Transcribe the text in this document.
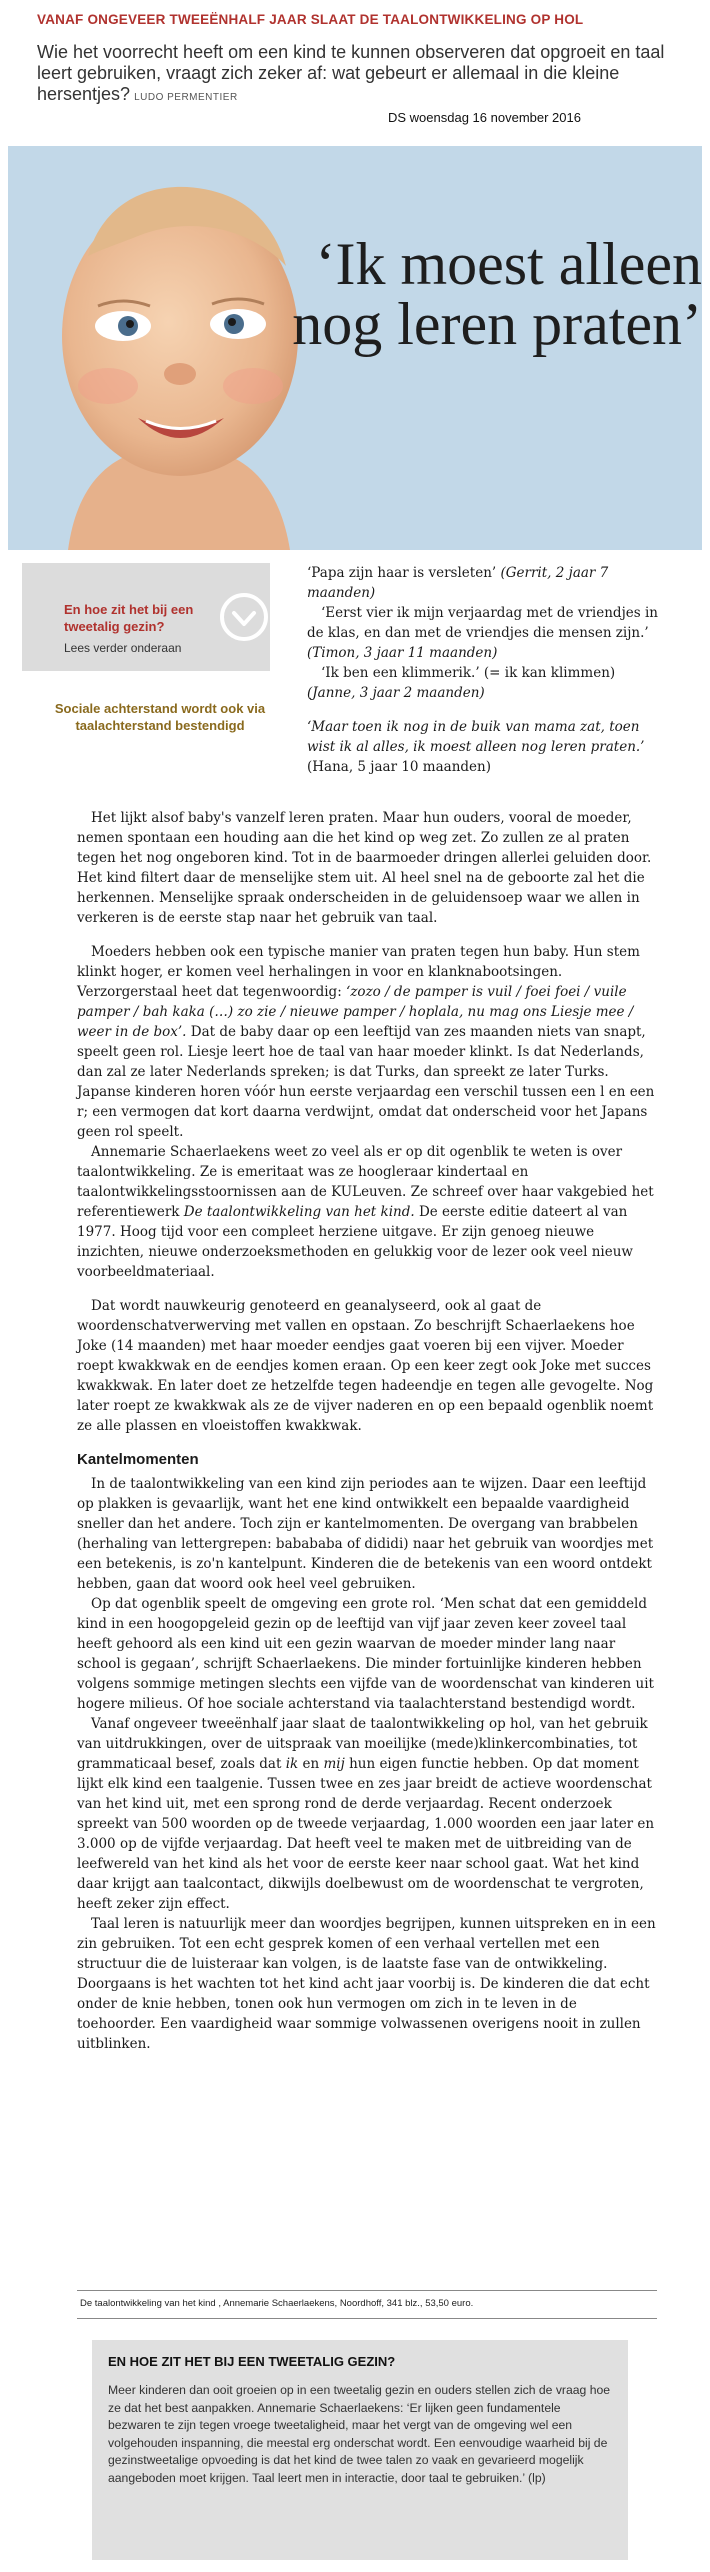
VANAF ONGEVEER TWEEËNHALF JAAR SLAAT DE TAALONTWIKKELING OP HOL
Wie het voorrecht heeft om een kind te kunnen observeren dat opgroeit en taal leert gebruiken, vraagt zich zeker af: wat gebeurt er allemaal in die kleine hersentjes? LUDO PERMENTIER
DS woensdag 16 november 2016
‘Ik moest alleen
nog leren praten’
En hoe zit het bij een tweetalig gezin?
Lees verder onderaan
Sociale achterstand wordt ook via taalachterstand bestendigd

‘Papa zijn haar is versleten’ (Gerrit, 2 jaar 7 maanden)

‘Eerst vier ik mijn verjaardag met de vriendjes in de klas, en dan met de vriendjes die mensen zijn.’ (Timon, 3 jaar 11 maanden)

‘Ik ben een klimmerik.’ (= ik kan klimmen) (Janne, 3 jaar 2 maanden)

‘Maar toen ik nog in de buik van mama zat, toen wist ik al alles, ik moest alleen nog leren praten.’ (Hana, 5 jaar 10 maanden)

Het lijkt alsof baby's vanzelf leren praten. Maar hun ouders, vooral de moeder, nemen spontaan een houding aan die het kind op weg zet. Zo zullen ze al praten tegen het nog ongeboren kind. Tot in de baarmoeder dringen allerlei geluiden door. Het kind filtert daar de menselijke stem uit. Al heel snel na de geboorte zal het die herkennen. Menselijke spraak onderscheiden in de geluidensoep waar we allen in verkeren is de eerste stap naar het gebruik van taal.

Moeders hebben ook een typische manier van praten tegen hun baby. Hun stem klinkt hoger, er komen veel herhalingen in voor en klanknabootsingen. Verzorgerstaal heet dat tegenwoordig: ‘zozo / de pamper is vuil / foei foei / vuile pamper / bah kaka (…) zo zie / nieuwe pamper / hoplala, nu mag ons Liesje mee / weer in de box’. Dat de baby daar op een leeftijd van zes maanden niets van snapt, speelt geen rol. Liesje leert hoe de taal van haar moeder klinkt. Is dat Nederlands, dan zal ze later Nederlands spreken; is dat Turks, dan spreekt ze later Turks. Japanse kinderen horen vóór hun eerste verjaardag een verschil tussen een l en een r; een vermogen dat kort daarna verdwijnt, omdat dat onderscheid voor het Japans geen rol speelt.

Annemarie Schaerlaekens weet zo veel als er op dit ogenblik te weten is over taalontwikkeling. Ze is emeritaat was ze hoogleraar kindertaal en taalontwikkelingsstoornissen aan de KULeuven. Ze schreef over haar vakgebied het referentiewerk De taalontwikkeling van het kind. De eerste editie dateert al van 1977. Hoog tijd voor een compleet herziene uitgave. Er zijn genoeg nieuwe inzichten, nieuwe onderzoeksmethoden en gelukkig voor de lezer ook veel nieuw voorbeeldmateriaal.

Dat wordt nauwkeurig genoteerd en geanalyseerd, ook al gaat de woordenschatverwerving met vallen en opstaan. Zo beschrijft Schaerlaekens hoe Joke (14 maanden) met haar moeder eendjes gaat voeren bij een vijver. Moeder roept kwakkwak en de eendjes komen eraan. Op een keer zegt ook Joke met succes kwakkwak. En later doet ze hetzelfde tegen hadeendje en tegen alle gevogelte. Nog later roept ze kwakkwak als ze de vijver naderen en op een bepaald ogenblik noemt ze alle plassen en vloeistoffen kwakkwak.

Kantelmomenten

In de taalontwikkeling van een kind zijn periodes aan te wijzen. Daar een leeftijd op plakken is gevaarlijk, want het ene kind ontwikkelt een bepaalde vaardigheid sneller dan het andere. Toch zijn er kantelmomenten. De overgang van brabbelen (herhaling van lettergrepen: babababa of dididi) naar het gebruik van woordjes met een betekenis, is zo'n kantelpunt. Kinderen die de betekenis van een woord ontdekt hebben, gaan dat woord ook heel veel gebruiken.

Op dat ogenblik speelt de omgeving een grote rol. ‘Men schat dat een gemiddeld kind in een hoogopgeleid gezin op de leeftijd van vijf jaar zeven keer zoveel taal heeft gehoord als een kind uit een gezin waarvan de moeder minder lang naar school is gegaan’, schrijft Schaerlaekens. Die minder fortuinlijke kinderen hebben volgens sommige metingen slechts een vijfde van de woordenschat van kinderen uit hogere milieus. Of hoe sociale achterstand via taalachterstand bestendigd wordt.

Vanaf ongeveer tweeënhalf jaar slaat de taalontwikkeling op hol, van het gebruik van uitdrukkingen, over de uitspraak van moeilijke (mede)klinkercombinaties, tot grammaticaal besef, zoals dat ik en mij hun eigen functie hebben. Op dat moment lijkt elk kind een taalgenie. Tussen twee en zes jaar breidt de actieve woordenschat van het kind uit, met een sprong rond de derde verjaardag. Recent onderzoek spreekt van 500 woorden op de tweede verjaardag, 1.000 woorden een jaar later en 3.000 op de vijfde verjaardag. Dat heeft veel te maken met de uitbreiding van de leefwereld van het kind als het voor de eerste keer naar school gaat. Wat het kind daar krijgt aan taalcontact, dikwijls doelbewust om de woordenschat te vergroten, heeft zeker zijn effect.

Taal leren is natuurlijk meer dan woordjes begrijpen, kunnen uitspreken en in een zin gebruiken. Tot een echt gesprek komen of een verhaal vertellen met een structuur die de luisteraar kan volgen, is de laatste fase van de ontwikkeling. Doorgaans is het wachten tot het kind acht jaar voorbij is. De kinderen die dat echt onder de knie hebben, tonen ook hun vermogen om zich in te leven in de toehoorder. Een vaardigheid waar sommige volwassenen overigens nooit in zullen uitblinken.

De taalontwikkeling van het kind , Annemarie Schaerlaekens, Noordhoff, 341 blz., 53,50 euro.
EN HOE ZIT HET BIJ EEN TWEETALIG GEZIN?
Meer kinderen dan ooit groeien op in een tweetalig gezin en ouders stellen zich de vraag hoe ze dat het best aanpakken. Annemarie Schaerlaekens: ‘Er lijken geen fundamentele bezwaren te zijn tegen vroege tweetaligheid, maar het vergt van de omgeving wel een volgehouden inspanning, die meestal erg onderschat wordt. Een eenvoudige waarheid bij de gezinstweetalige opvoeding is dat het kind de twee talen zo vaak en gevarieerd mogelijk aangeboden moet krijgen. Taal leert men in interactie, door taal te gebruiken.’ (lp)
